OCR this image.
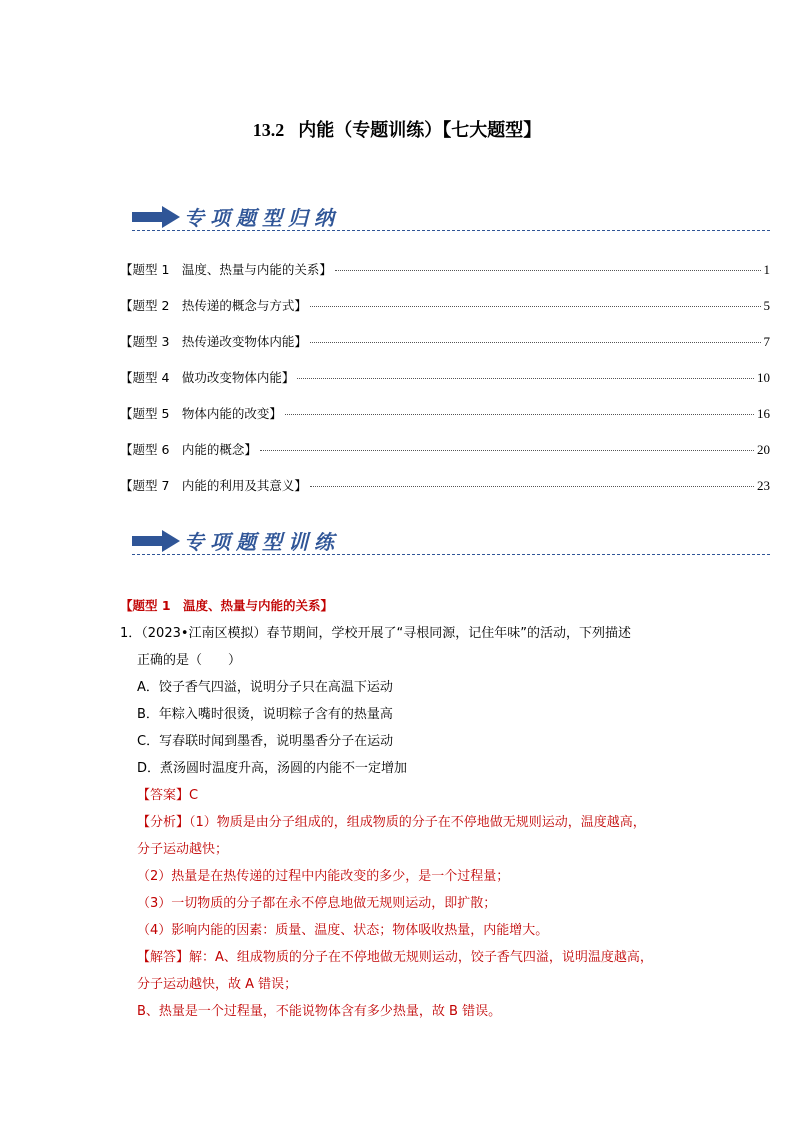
13.2 内能（专题训练）【七大题型】
专项题型归纳
【题型 1　温度、热量与内能的关系】	1
【题型 2　热传递的概念与方式】	5
【题型 3　热传递改变物体内能】	7
【题型 4　做功改变物体内能】	10
【题型 5　物体内能的改变】	16
【题型 6　内能的概念】	20
【题型 7　内能的利用及其意义】	23
专项题型训练
【题型 1　温度、热量与内能的关系】
1．（2023•江南区模拟）春节期间，学校开展了“寻根同源，记住年味”的活动，下列描述
正确的是（　　）
A．饺子香气四溢，说明分子只在高温下运动
B．年粽入嘴时很烫，说明粽子含有的热量高
C．写春联时闻到墨香，说明墨香分子在运动
D．煮汤圆时温度升高，汤圆的内能不一定增加
【答案】C
【分析】（1）物质是由分子组成的，组成物质的分子在不停地做无规则运动，温度越高，
分子运动越快；
（2）热量是在热传递的过程中内能改变的多少，是一个过程量；
（3）一切物质的分子都在永不停息地做无规则运动，即扩散；
（4）影响内能的因素：质量、温度、状态；物体吸收热量，内能增大。
【解答】解：A、组成物质的分子在不停地做无规则运动，饺子香气四溢，说明温度越高，
分子运动越快，故 A 错误；
B、热量是一个过程量，不能说物体含有多少热量，故 B 错误。
